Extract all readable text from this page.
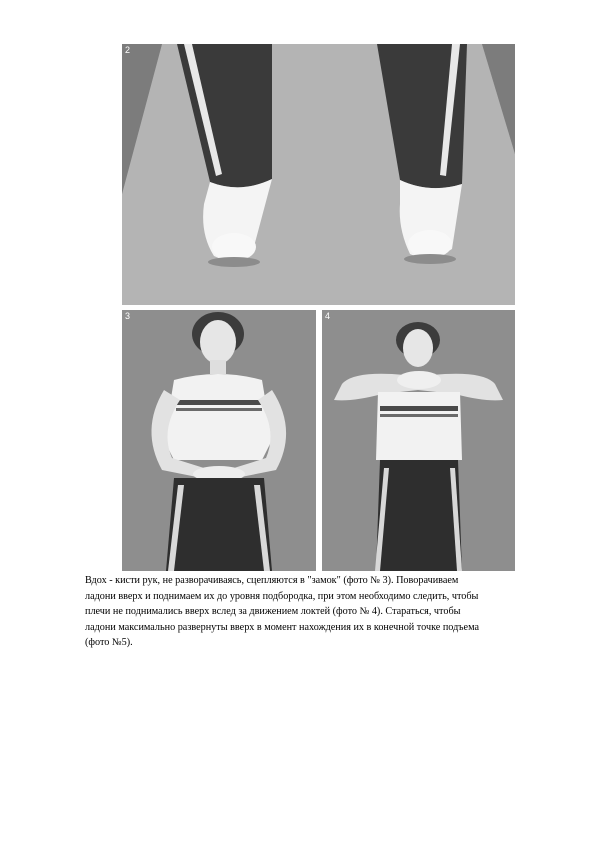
2
3	4

Вдох - кисти рук, не разворачиваясь, сцепляются в "замок" (фото № 3). Поворачиваем
ладони вверх и поднимаем их до уровня подбородка, при этом необходимо следить, чтобы
плечи не поднимались вверх вслед за движением локтей (фото № 4). Стараться, чтобы
ладони максимально развернуты вверх в момент нахождения их в конечной точке подъема
(фото №5).
